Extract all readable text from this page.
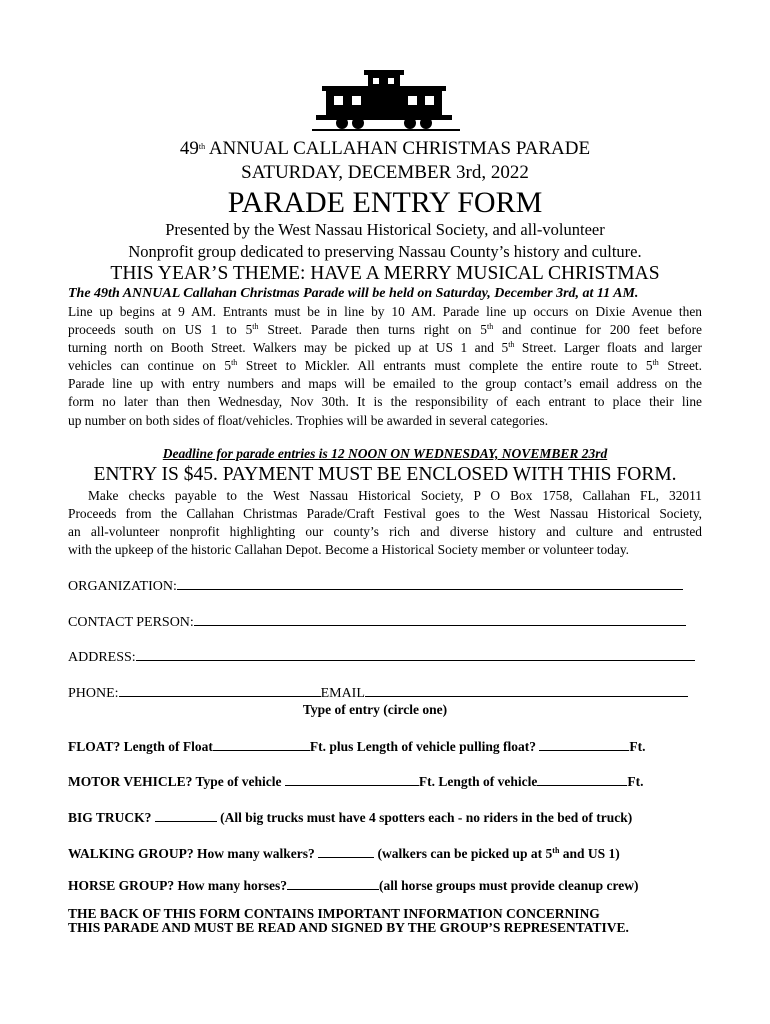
49th ANNUAL CALLAHAN CHRISTMAS PARADE
SATURDAY, DECEMBER 3rd, 2022
PARADE ENTRY FORM
Presented by the West Nassau Historical Society, and all-volunteer
Nonprofit group dedicated to preserving Nassau County’s history and culture.
THIS YEAR’S THEME: HAVE A MERRY MUSICAL CHRISTMAS
The 49th ANNUAL Callahan Christmas Parade will be held on Saturday, December 3rd, at 11 AM.
Line up begins at 9 AM. Entrants must be in line by 10 AM. Parade line up occurs on Dixie Avenue then
proceeds south on US 1 to 5th Street. Parade then turns right on 5th and continue for 200 feet before
turning north on Booth Street. Walkers may be picked up at US 1 and 5th Street. Larger floats and larger
vehicles can continue on 5th Street to Mickler. All entrants must complete the entire route to 5th Street.
Parade line up with entry numbers and maps will be emailed to the group contact’s email address on the
form no later than then Wednesday, Nov 30th. It is the responsibility of each entrant to place their line
up number on both sides of float/vehicles. Trophies will be awarded in several categories.
Deadline for parade entries is 12 NOON ON WEDNESDAY, NOVEMBER 23rd
ENTRY IS $45. PAYMENT MUST BE ENCLOSED WITH THIS FORM.
Make checks payable to the West Nassau Historical Society, P O Box 1758, Callahan FL, 32011
Proceeds from the Callahan Christmas Parade/Craft Festival goes to the West Nassau Historical Society,
an all-volunteer nonprofit highlighting our county’s rich and diverse history and culture and entrusted
with the upkeep of the historic Callahan Depot. Become a Historical Society member or volunteer today.
ORGANIZATION:
CONTACT PERSON:
ADDRESS:
PHONE:	EMAIL
Type of entry (circle one)
FLOAT? Length of Float	Ft. plus Length of vehicle pulling float?	Ft.
MOTOR VEHICLE? Type of vehicle	Ft. Length of vehicle	Ft.
BIG TRUCK?	(All big trucks must have 4 spotters each - no riders in the bed of truck)
WALKING GROUP? How many walkers?	(walkers can be picked up at 5th and US 1)
HORSE GROUP? How many horses?	(all horse groups must provide cleanup crew)
THE BACK OF THIS FORM CONTAINS IMPORTANT INFORMATION CONCERNING
THIS PARADE AND MUST BE READ AND SIGNED BY THE GROUP’S REPRESENTATIVE.
